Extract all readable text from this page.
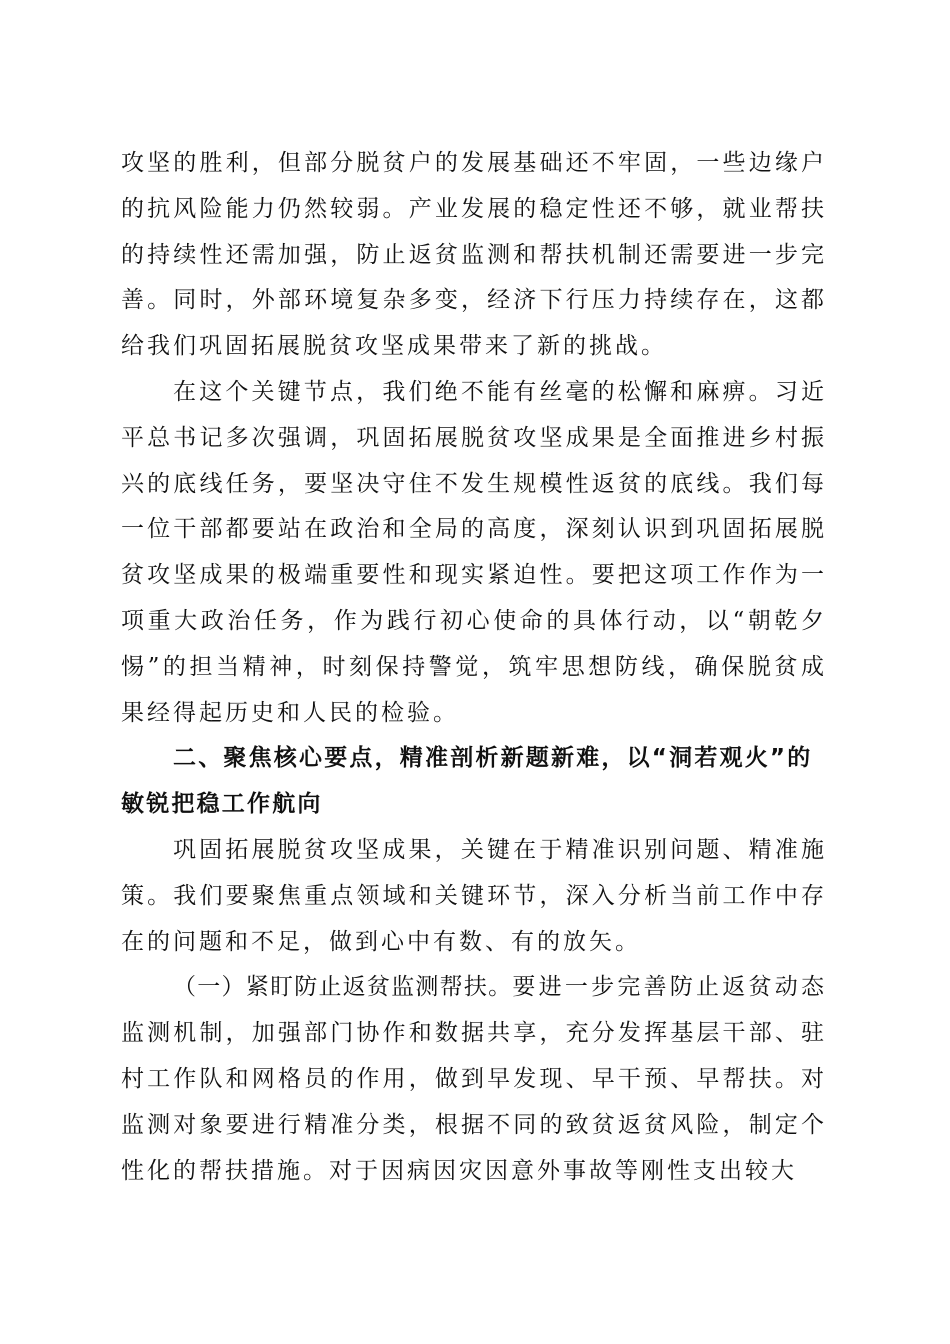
攻坚的胜利，但部分脱贫户的发展基础还不牢固，一些边缘户的抗风险能力仍然较弱。产业发展的稳定性还不够，就业帮扶的持续性还需加强，防止返贫监测和帮扶机制还需要进一步完善。同时，外部环境复杂多变，经济下行压力持续存在，这都给我们巩固拓展脱贫攻坚成果带来了新的挑战。

在这个关键节点，我们绝不能有丝毫的松懈和麻痹。习近平总书记多次强调，巩固拓展脱贫攻坚成果是全面推进乡村振兴的底线任务，要坚决守住不发生规模性返贫的底线。我们每一位干部都要站在政治和全局的高度，深刻认识到巩固拓展脱贫攻坚成果的极端重要性和现实紧迫性。要把这项工作作为一项重大政治任务，作为践行初心使命的具体行动，以“朝乾夕惕”的担当精神，时刻保持警觉，筑牢思想防线，确保脱贫成果经得起历史和人民的检验。

二、聚焦核心要点，精准剖析新题新难，以“洞若观火”的敏锐把稳工作航向

巩固拓展脱贫攻坚成果，关键在于精准识别问题、精准施策。我们要聚焦重点领域和关键环节，深入分析当前工作中存在的问题和不足，做到心中有数、有的放矢。

（一）紧盯防止返贫监测帮扶。要进一步完善防止返贫动态监测机制，加强部门协作和数据共享，充分发挥基层干部、驻村工作队和网格员的作用，做到早发现、早干预、早帮扶。对监测对象要进行精准分类，根据不同的致贫返贫风险，制定个性化的帮扶措施。对于因病因灾因意外事故等刚性支出较大
